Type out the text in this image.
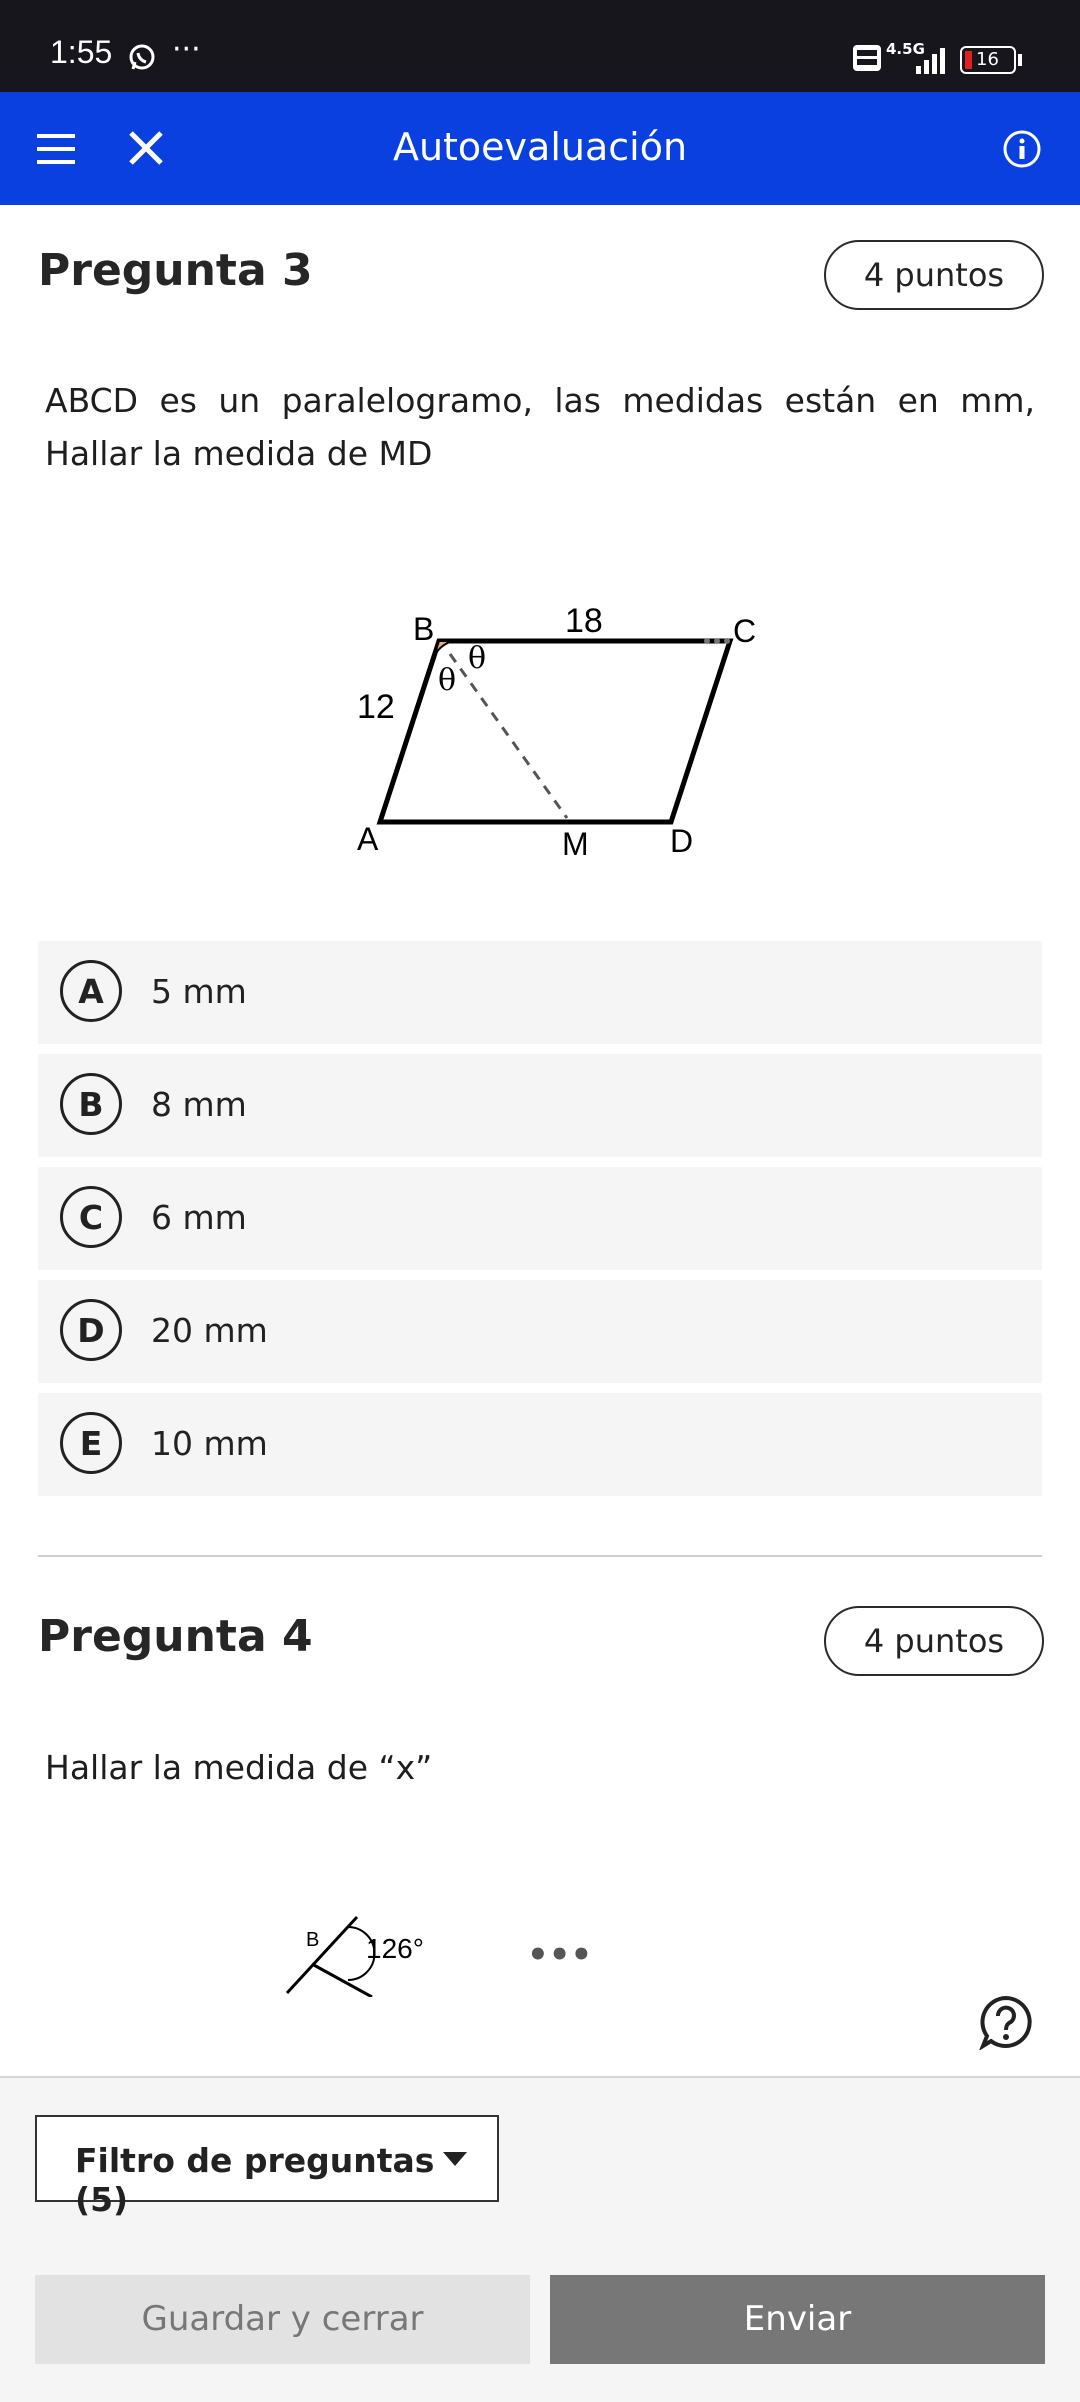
1:55 ···	4.5G	16
Autoevaluación
Pregunta 3	4 puntos
ABCD es un paralelogramo, las medidas están en mm, Hallar la medida de MD
B	C
A	M	D
18
12
θ
θ
A	5 mm
B	8 mm
C	6 mm
D	20 mm
E	10 mm
Pregunta 4	4 puntos
Hallar la medida de “x”
B 126°	•••
Filtro de preguntas (5)
Guardar y cerrar	Enviar
